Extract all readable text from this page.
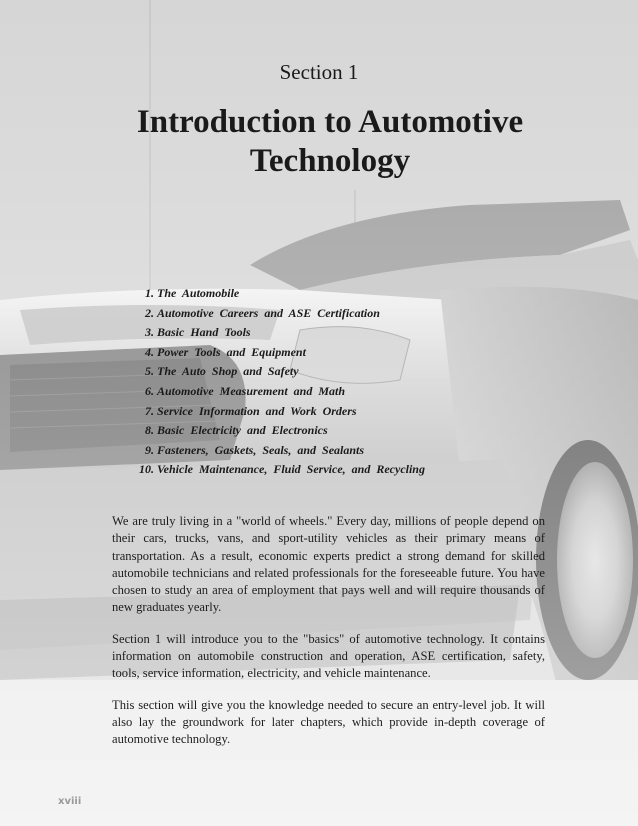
Section 1
Introduction to Automotive Technology
1. The Automobile
2. Automotive Careers and ASE Certification
3. Basic Hand Tools
4. Power Tools and Equipment
5. The Auto Shop and Safety
6. Automotive Measurement and Math
7. Service Information and Work Orders
8. Basic Electricity and Electronics
9. Fasteners, Gaskets, Seals, and Sealants
10. Vehicle Maintenance, Fluid Service, and Recycling

We are truly living in a "world of wheels." Every day, millions of people depend on their cars, trucks, vans, and sport-utility vehicles as their primary means of transportation. As a result, economic experts predict a strong demand for skilled automobile technicians and related professionals for the foreseeable future. You have chosen to study an area of employment that pays well and will require thousands of new graduates yearly.

Section 1 will introduce you to the "basics" of automotive technology. It contains information on automobile construction and operation, ASE certification, safety, tools, service information, electricity, and vehicle maintenance.

This section will give you the knowledge needed to secure an entry-level job. It will also lay the groundwork for later chapters, which provide in-depth coverage of automotive technology.

xviii
